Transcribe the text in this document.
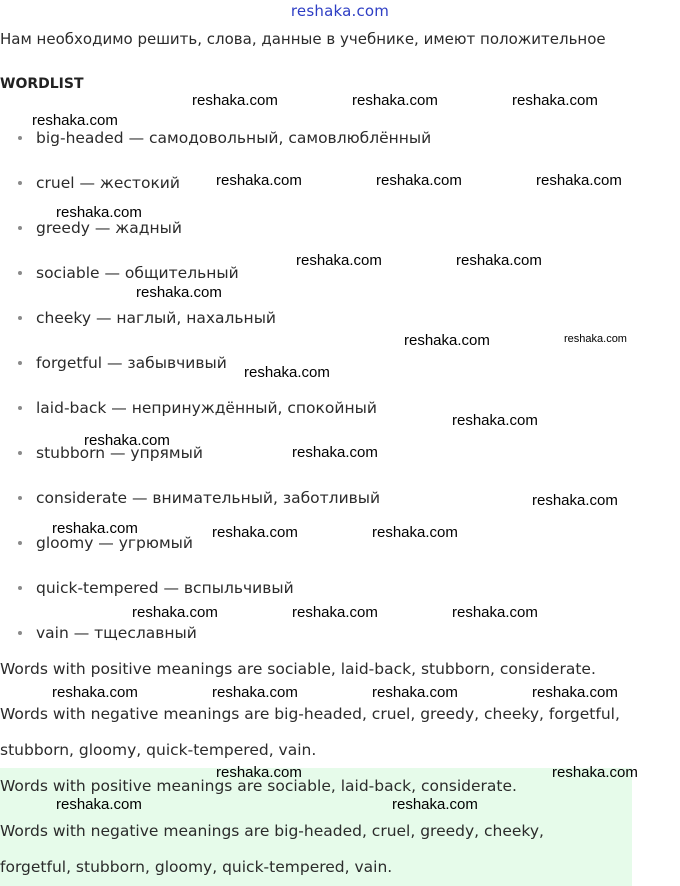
reshaka.com
Нам необходимо решить, слова, данные в учебнике, имеют положительное
WORDLIST
big-headed — самодовольный, самовлюблённый
cruel — жестокий
greedy — жадный
sociable — общительный
cheeky — наглый, нахальный
forgetful — забывчивый
laid-back — непринуждённый, спокойный
stubborn — упрямый
considerate — внимательный, заботливый
gloomy — угрюмый
quick-tempered — вспыльчивый
vain — тщеславный
Words with positive meanings are sociable, laid-back, stubborn, considerate.
Words with negative meanings are big-headed, cruel, greedy, cheeky, forgetful,
stubborn, gloomy, quick-tempered, vain.
Words with positive meanings are sociable, laid-back, considerate.
Words with negative meanings are big-headed, cruel, greedy, cheeky,
forgetful, stubborn, gloomy, quick-tempered, vain.
reshaka.com	reshaka.com	reshaka.com
reshaka.com
reshaka.com	reshaka.com	reshaka.com
reshaka.com
reshaka.com	reshaka.com
reshaka.com
reshaka.com	reshaka.com
reshaka.com
reshaka.com
reshaka.com
reshaka.com
reshaka.com
reshaka.com	reshaka.com	reshaka.com
reshaka.com	reshaka.com	reshaka.com
reshaka.com	reshaka.com	reshaka.com	reshaka.com
reshaka.com	reshaka.com
reshaka.com	reshaka.com
